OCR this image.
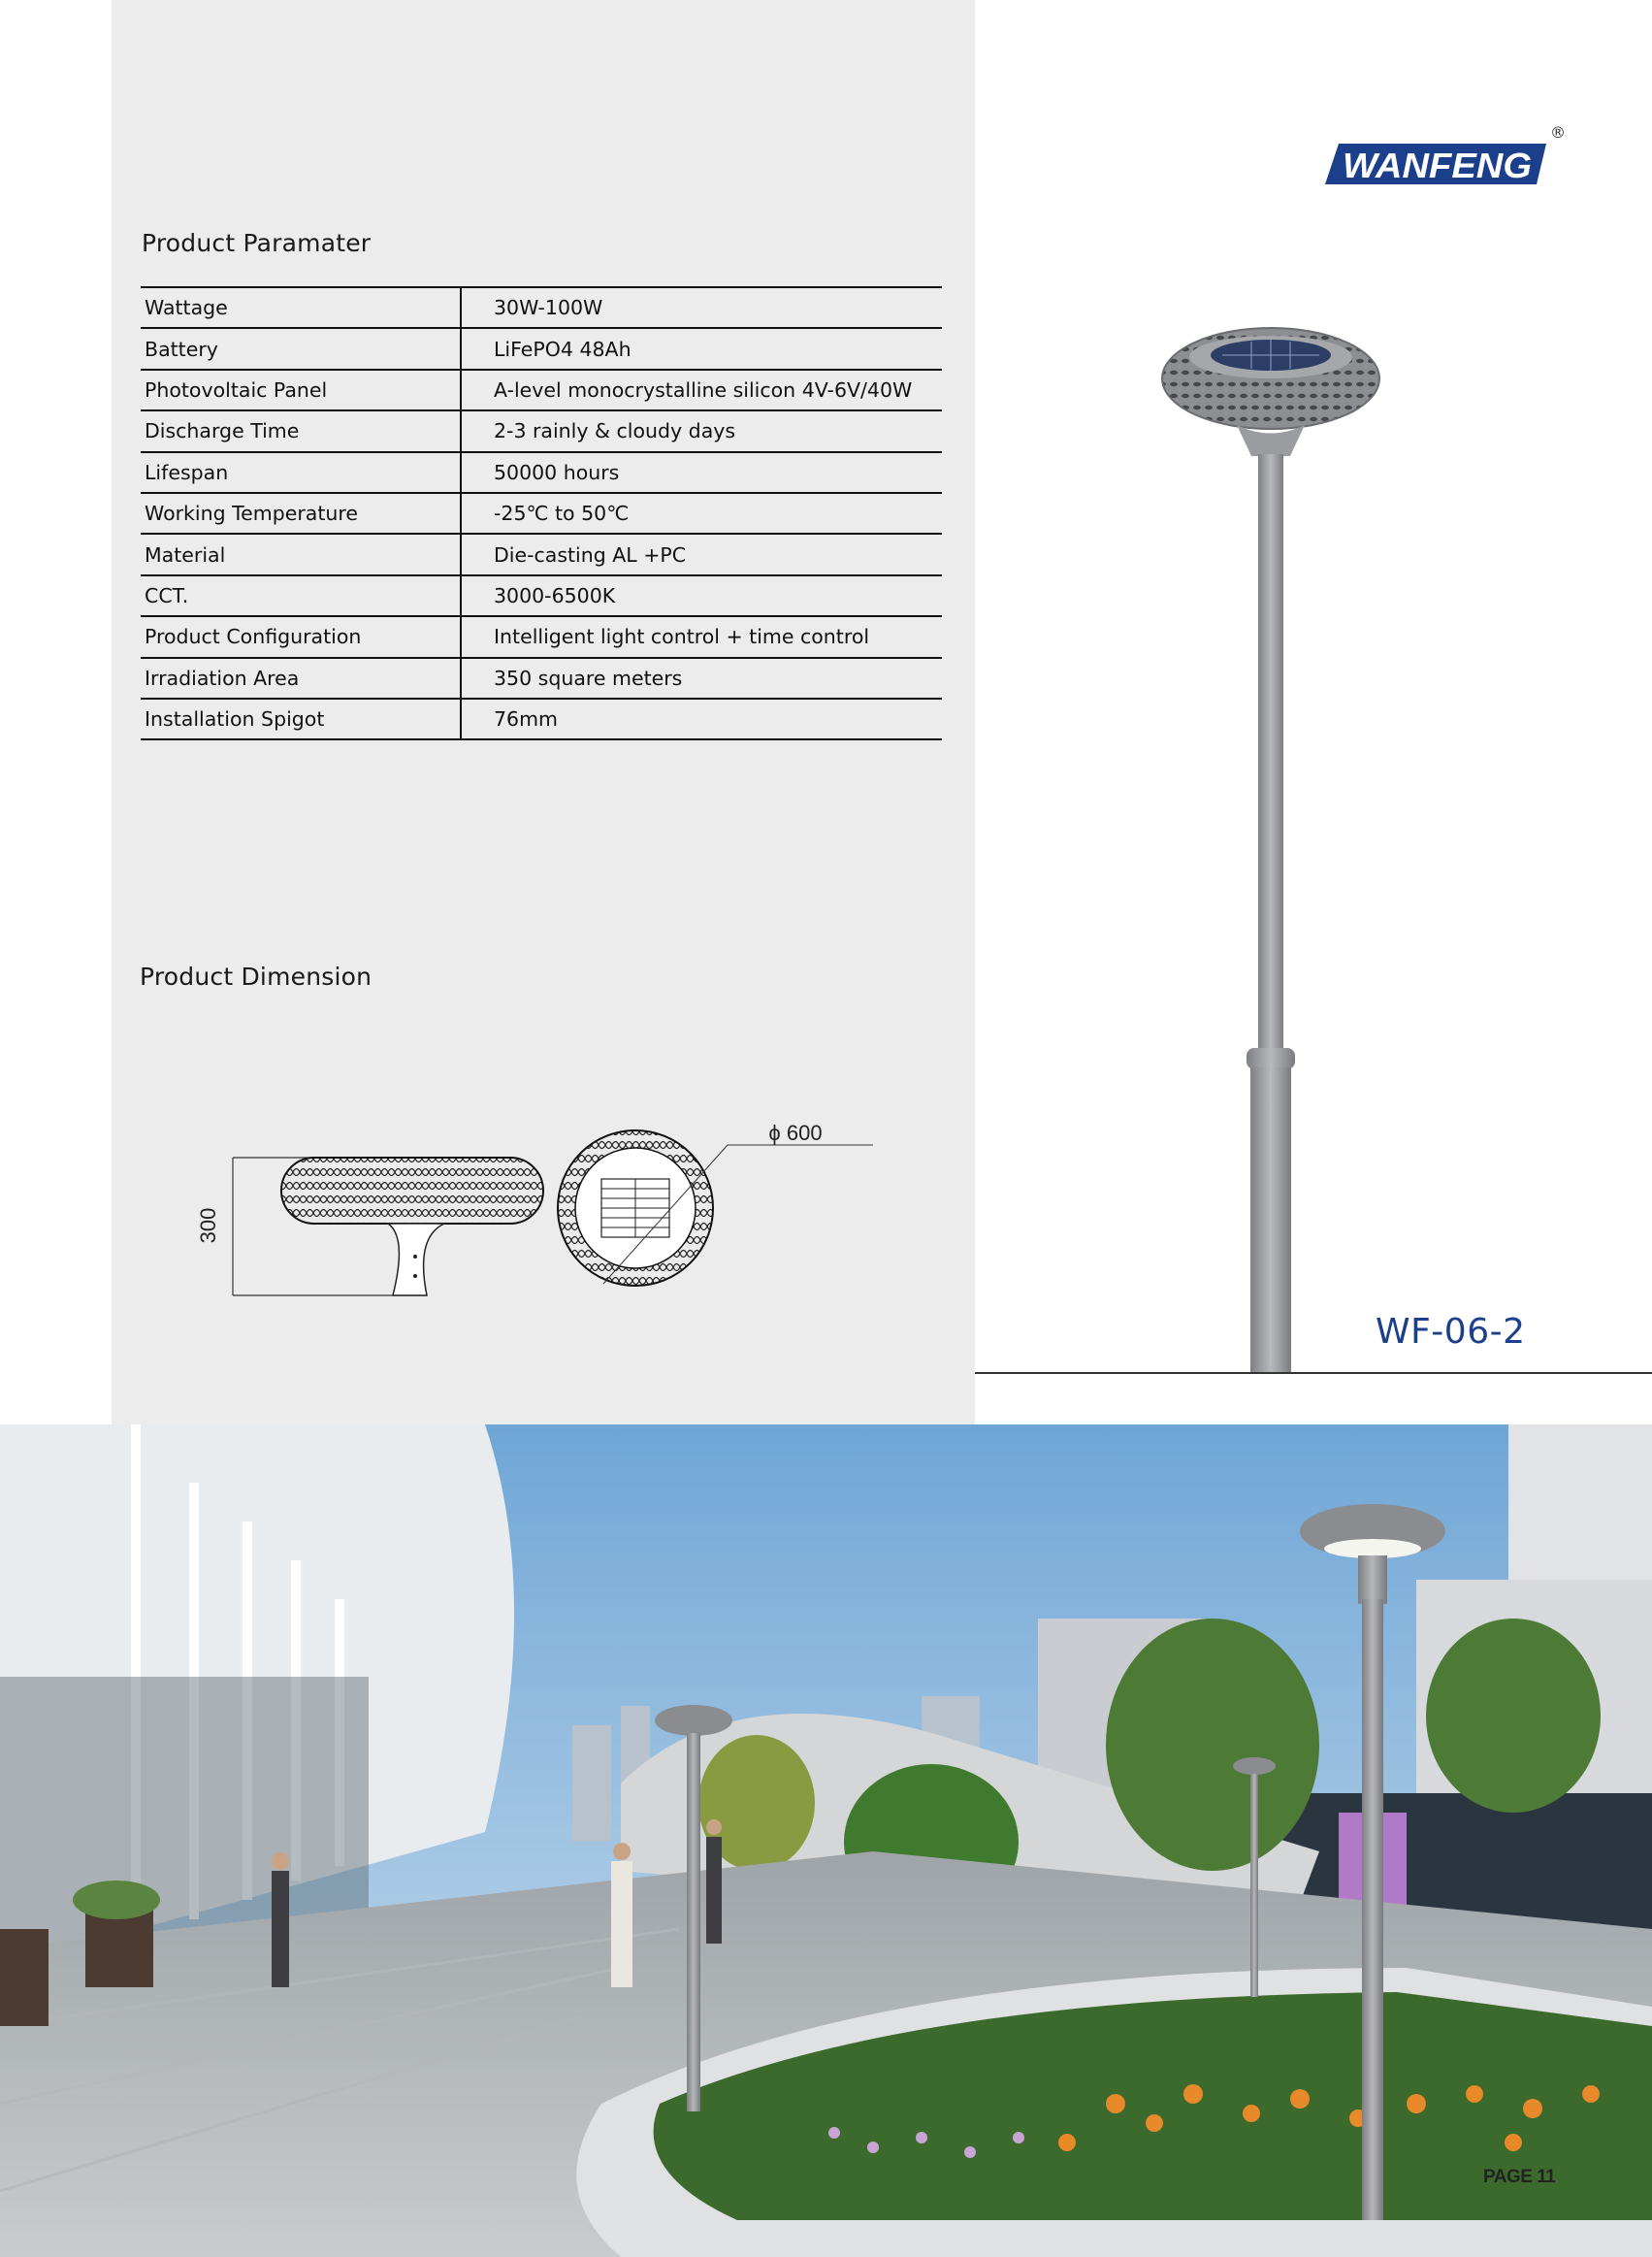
Product Paramater
Wattage	30W-100W
Battery	LiFePO4 48Ah
Photovoltaic Panel	A-level monocrystalline silicon 4V-6V/40W
Discharge Time	2-3 rainly & cloudy days
Lifespan	50000 hours
Working Temperature	-25℃ to 50℃
Material	Die-casting AL +PC
CCT.	3000-6500K
Product Configuration	Intelligent light control + time control
Irradiation Area	350 square meters
Installation Spigot	76mm
Product Dimension
300
ϕ 600
WANFENG
®
WF-06-2
PAGE 11
